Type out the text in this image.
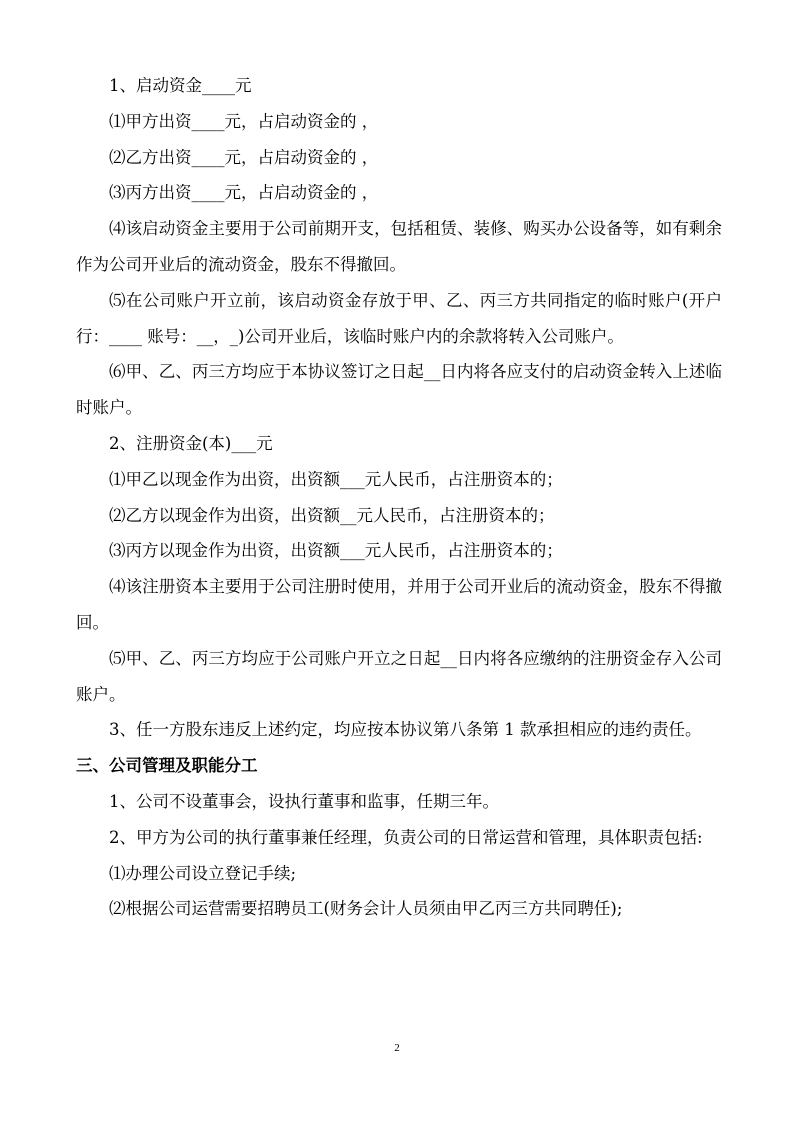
1、启动资金____元

⑴甲方出资____元，占启动资金的 ，

⑵乙方出资____元，占启动资金的 ，

⑶丙方出资____元，占启动资金的 ，

⑷该启动资金主要用于公司前期开支，包括租赁、装修、购买办公设备等，如有剩余作为公司开业后的流动资金，股东不得撤回。

⑸在公司账户开立前，该启动资金存放于甲、乙、丙三方共同指定的临时账户(开户行：____ 账号：__，_)公司开业后，该临时账户内的余款将转入公司账户。

⑹甲、乙、丙三方均应于本协议签订之日起__日内将各应支付的启动资金转入上述临时账户。

2、注册资金(本)___元

⑴甲乙以现金作为出资，出资额___元人民币，占注册资本的；

⑵乙方以现金作为出资，出资额__元人民币，占注册资本的；

⑶丙方以现金作为出资，出资额___元人民币，占注册资本的；

⑷该注册资本主要用于公司注册时使用，并用于公司开业后的流动资金，股东不得撤回。

⑸甲、乙、丙三方均应于公司账户开立之日起__日内将各应缴纳的注册资金存入公司账户。

3、任一方股东违反上述约定，均应按本协议第八条第 1 款承担相应的违约责任。

三、公司管理及职能分工

1、公司不设董事会，设执行董事和监事，任期三年。

2、甲方为公司的执行董事兼任经理，负责公司的日常运营和管理，具体职责包括:

⑴办理公司设立登记手续;

⑵根据公司运营需要招聘员工(财务会计人员须由甲乙丙三方共同聘任);

2
